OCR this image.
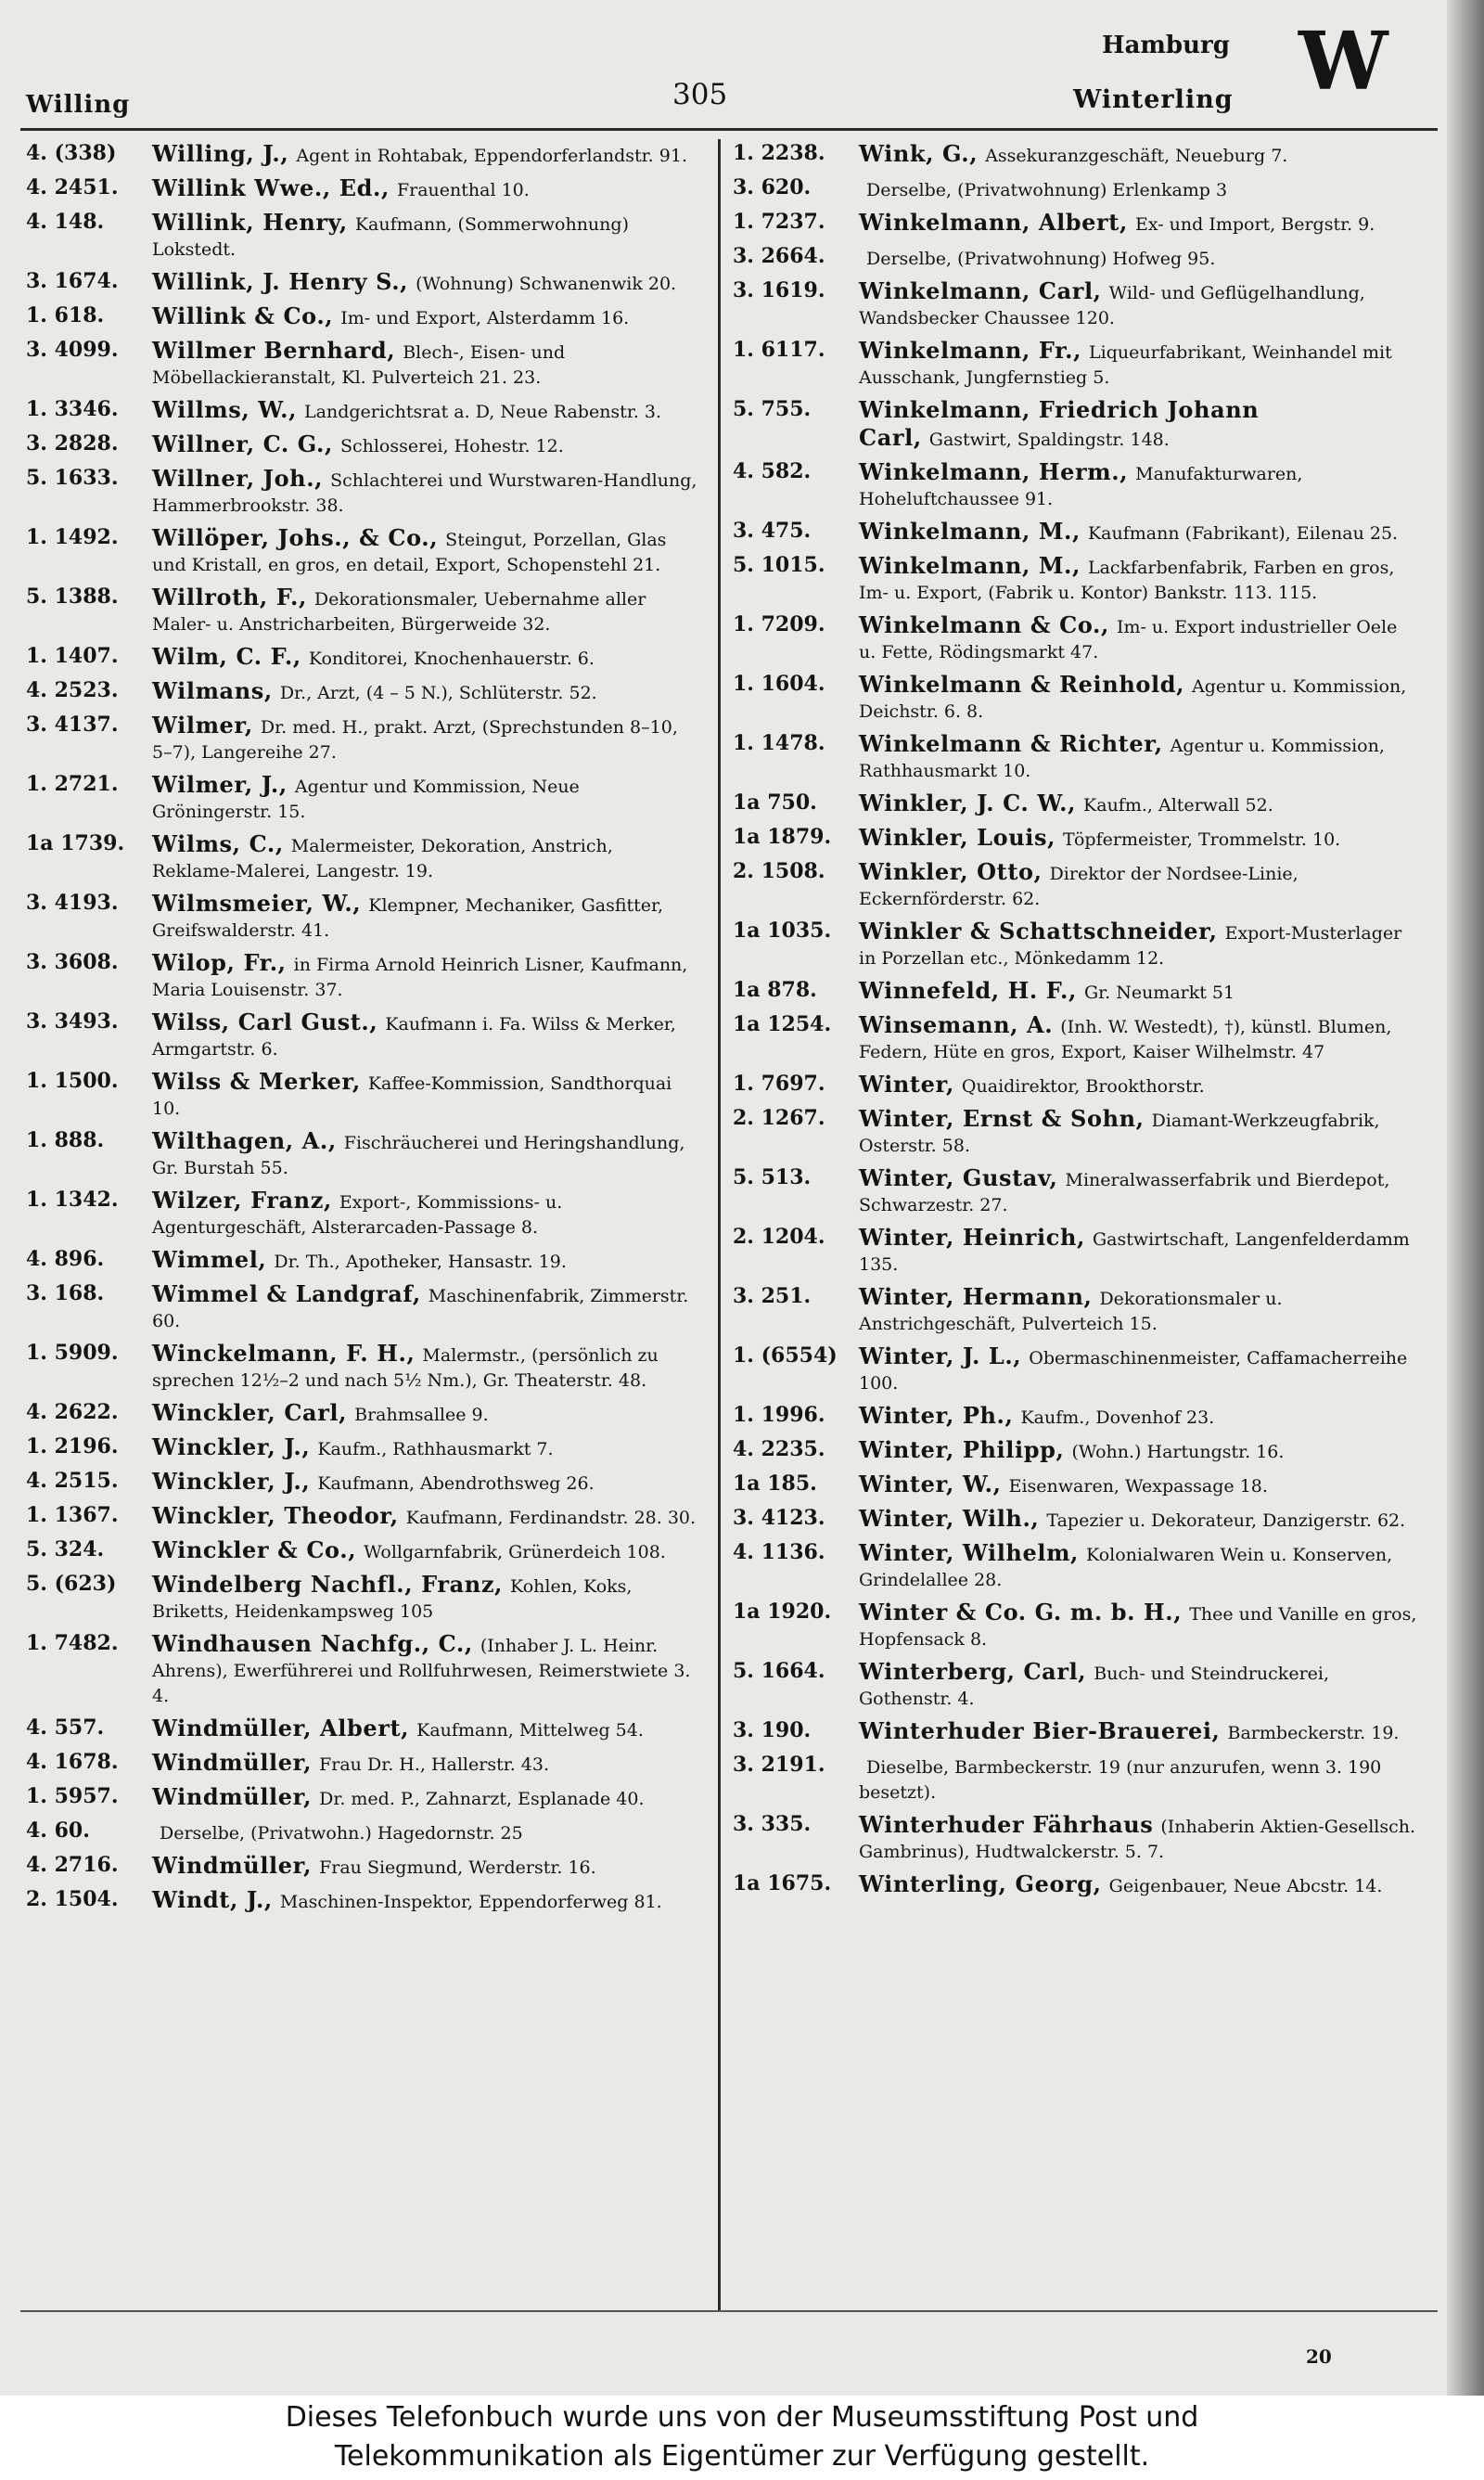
Willing	305
Hamburg
Winterling W
4. (338) Willing, J., Agent in Rohtabak, Eppendorferlandstr. 91.
4. 2451. Willink Wwe., Ed., Frauenthal 10.
4. 148. Willink, Henry, Kaufmann, (Sommerwohnung) Lokstedt.
3. 1674. Willink, J. Henry S., (Wohnung) Schwanenwik 20.
1. 618. Willink & Co., Im- und Export, Alsterdamm 16.
3. 4099. Willmer Bernhard, Blech-, Eisen- und Möbellackieranstalt, Kl. Pulverteich 21. 23.
1. 3346. Willms, W., Landgerichtsrat a. D, Neue Rabenstr. 3.
3. 2828. Willner, C. G., Schlosserei, Hohestr. 12.
5. 1633. Willner, Joh., Schlachterei und Wurstwaren-Handlung, Hammerbrookstr. 38.
1. 1492. Willöper, Johs., & Co., Steingut, Porzellan, Glas und Kristall, en gros, en detail, Export, Schopenstehl 21.
5. 1388. Willroth, F., Dekorationsmaler, Uebernahme aller Maler- u. Anstricharbeiten, Bürgerweide 32.
1. 1407. Wilm, C. F., Konditorei, Knochenhauerstr. 6.
4. 2523. Wilmans, Dr., Arzt, (4 – 5 N.), Schlüterstr. 52.
3. 4137. Wilmer, Dr. med. H., prakt. Arzt, (Sprechstunden 8–10, 5–7), Langereihe 27.
1. 2721. Wilmer, J., Agentur und Kommission, Neue Gröningerstr. 15.
1a 1739. Wilms, C., Malermeister, Dekoration, Anstrich, Reklame-Malerei, Langestr. 19.
3. 4193. Wilmsmeier, W., Klempner, Mechaniker, Gasfitter, Greifswalderstr. 41.
3. 3608. Wilop, Fr., in Firma Arnold Heinrich Lisner, Kaufmann, Maria Louisenstr. 37.
3. 3493. Wilss, Carl Gust., Kaufmann i. Fa. Wilss & Merker, Armgartstr. 6.
1. 1500. Wilss & Merker, Kaffee-Kommission, Sandthorquai 10.
1. 888. Wilthagen, A., Fischräucherei und Heringshandlung, Gr. Burstah 55.
1. 1342. Wilzer, Franz, Export-, Kommissions- u. Agenturgeschäft, Alsterarcaden-Passage 8.
4. 896. Wimmel, Dr. Th., Apotheker, Hansastr. 19.
3. 168. Wimmel & Landgraf, Maschinenfabrik, Zimmerstr. 60.
1. 5909. Winckelmann, F. H., Malermstr., (persönlich zu sprechen 12½–2 und nach 5½ Nm.), Gr. Theaterstr. 48.
4. 2622. Winckler, Carl, Brahmsallee 9.
1. 2196. Winckler, J., Kaufm., Rathhausmarkt 7.
4. 2515. Winckler, J., Kaufmann, Abendrothsweg 26.
1. 1367. Winckler, Theodor, Kaufmann, Ferdinandstr. 28. 30.
5. 324. Winckler & Co., Wollgarnfabrik, Grünerdeich 108.
5. (623) Windelberg Nachfl., Franz, Kohlen, Koks, Briketts, Heidenkampsweg 105
1. 7482. Windhausen Nachfg., C., (Inhaber J. L. Heinr. Ahrens), Ewerführerei und Rollfuhrwesen, Reimerstwiete 3. 4.
4. 557. Windmüller, Albert, Kaufmann, Mittelweg 54.
4. 1678. Windmüller, Frau Dr. H., Hallerstr. 43.
1. 5957. Windmüller, Dr. med. P., Zahnarzt, Esplanade 40.
4. 60.	Derselbe, (Privatwohn.) Hagedornstr. 25
4. 2716. Windmüller, Frau Siegmund, Werderstr. 16.
2. 1504. Windt, J., Maschinen-Inspektor, Eppendorferweg 81.
1. 2238. Wink, G., Assekuranzgeschäft, Neueburg 7.
3. 620.	Derselbe, (Privatwohnung) Erlenkamp 3
1. 7237. Winkelmann, Albert, Ex- und Import, Bergstr. 9.
3. 2664. Derselbe, (Privatwohnung) Hofweg 95.
3. 1619. Winkelmann, Carl, Wild- und Geflügelhandlung, Wandsbecker Chaussee 120.
1. 6117. Winkelmann, Fr., Liqueurfabrikant, Weinhandel mit Ausschank, Jungfernstieg 5.
5. 755. Winkelmann, Friedrich Johann Carl, Gastwirt, Spaldingstr. 148.
4. 582. Winkelmann, Herm., Manufakturwaren, Hoheluftchaussee 91.
3. 475. Winkelmann, M., Kaufmann (Fabrikant), Eilenau 25.
5. 1015. Winkelmann, M., Lackfarbenfabrik, Farben en gros, Im- u. Export, (Fabrik u. Kontor) Bankstr. 113. 115.
1. 7209. Winkelmann & Co., Im- u. Export industrieller Oele u. Fette, Rödingsmarkt 47.
1. 1604. Winkelmann & Reinhold, Agentur u. Kommission, Deichstr. 6. 8.
1. 1478. Winkelmann & Richter, Agentur u. Kommission, Rathhausmarkt 10.
1a 750. Winkler, J. C. W., Kaufm., Alterwall 52.
1a 1879. Winkler, Louis, Töpfermeister, Trommelstr. 10.
2. 1508. Winkler, Otto, Direktor der Nordsee-Linie, Eckernförderstr. 62.
1a 1035. Winkler & Schattschneider, Export-Musterlager in Porzellan etc., Mönkedamm 12.
1a 878. Winnefeld, H. F., Gr. Neumarkt 51
1a 1254. Winsemann, A. (Inh. W. Westedt), †), künstl. Blumen, Federn, Hüte en gros, Export, Kaiser Wilhelmstr. 47
1. 7697. Winter, Quaidirektor, Brookthorstr.
2. 1267. Winter, Ernst & Sohn, Diamant-Werkzeugfabrik, Osterstr. 58.
5. 513. Winter, Gustav, Mineralwasserfabrik und Bierdepot, Schwarzestr. 27.
2. 1204. Winter, Heinrich, Gastwirtschaft, Langenfelderdamm 135.
3. 251. Winter, Hermann, Dekorationsmaler u. Anstrichgeschäft, Pulverteich 15.
1. (6554) Winter, J. L., Obermaschinenmeister, Caffamacherreihe 100.
1. 1996. Winter, Ph., Kaufm., Dovenhof 23.
4. 2235. Winter, Philipp, (Wohn.) Hartungstr. 16.
1a 185. Winter, W., Eisenwaren, Wexpassage 18.
3. 4123. Winter, Wilh., Tapezier u. Dekorateur, Danzigerstr. 62.
4. 1136. Winter, Wilhelm, Kolonialwaren Wein u. Konserven, Grindelallee 28.
1a 1920. Winter & Co. G. m. b. H., Thee und Vanille en gros, Hopfensack 8.
5. 1664. Winterberg, Carl, Buch- und Steindruckerei, Gothenstr. 4.
3. 190. Winterhuder Bier-Brauerei, Barmbeckerstr. 19.
3. 2191. Dieselbe, Barmbeckerstr. 19 (nur anzurufen, wenn 3. 190 besetzt).
3. 335. Winterhuder Fährhaus (Inhaberin Aktien-Gesellsch. Gambrinus), Hudtwalckerstr. 5. 7.
1a 1675. Winterling, Georg, Geigenbauer, Neue Abcstr. 14.
20
Dieses Telefonbuch wurde uns von der Museumsstiftung Post und
Telekommunikation als Eigentümer zur Verfügung gestellt.
